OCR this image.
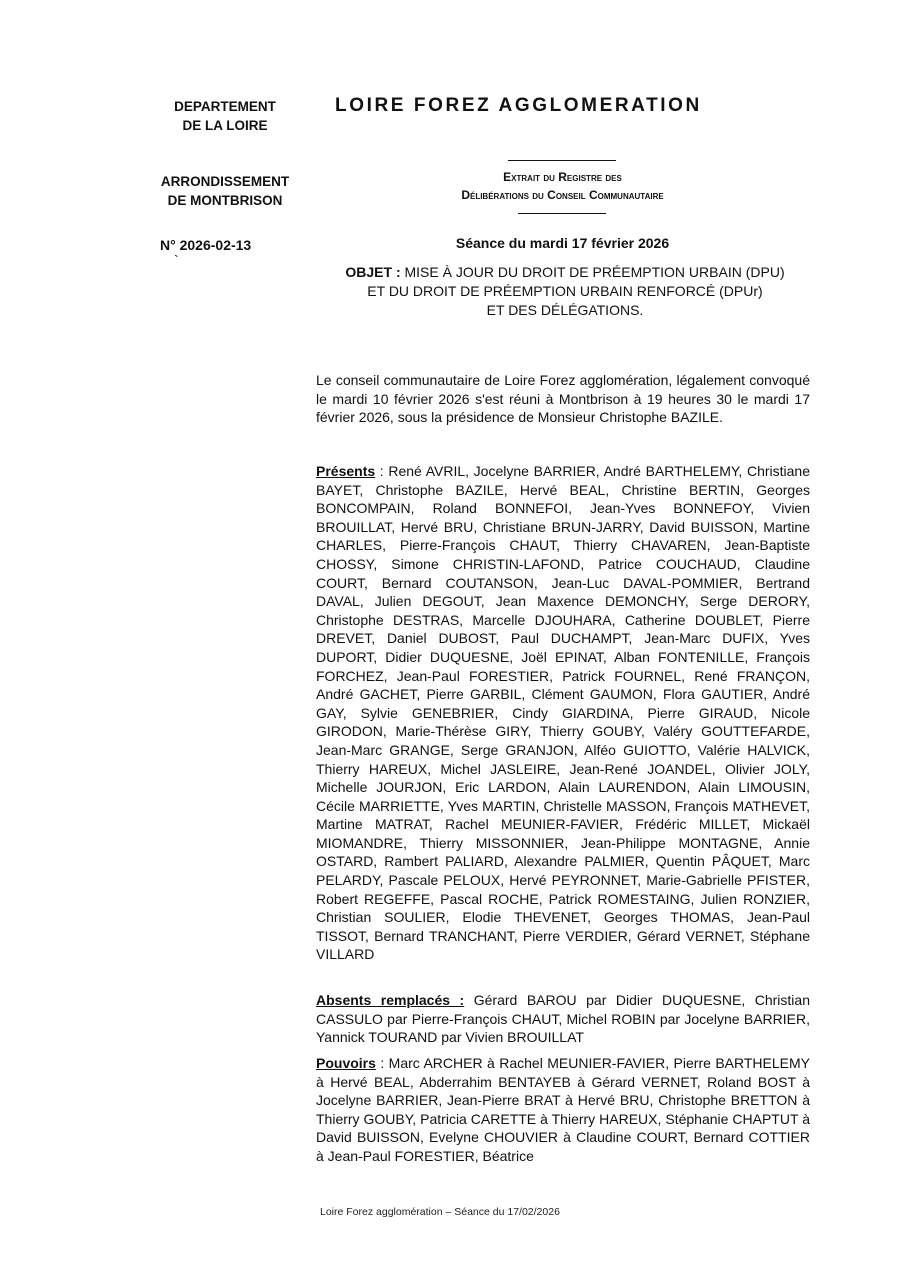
DEPARTEMENT
DE LA LOIRE
ARRONDISSEMENT
DE MONTBRISON
N° 2026-02-13
`
LOIRE FOREZ AGGLOMERATION
Extrait du Registre des
Délibérations du Conseil Communautaire
Séance du mardi 17 février 2026
OBJET : MISE À JOUR DU DROIT DE PRÉEMPTION URBAIN (DPU)
ET DU DROIT DE PRÉEMPTION URBAIN RENFORCÉ (DPUr)
ET DES DÉLÉGATIONS.
Le conseil communautaire de Loire Forez agglomération, légalement convoqué le mardi 10 février 2026 s'est réuni à Montbrison à 19 heures 30 le mardi 17 février 2026, sous la présidence de Monsieur Christophe BAZILE.
Présents : René AVRIL, Jocelyne BARRIER, André BARTHELEMY, Christiane BAYET, Christophe BAZILE, Hervé BEAL, Christine BERTIN, Georges BONCOMPAIN, Roland BONNEFOI, Jean-Yves BONNEFOY, Vivien BROUILLAT, Hervé BRU, Christiane BRUN-JARRY, David BUISSON, Martine CHARLES, Pierre-François CHAUT, Thierry CHAVAREN, Jean-Baptiste CHOSSY, Simone CHRISTIN-LAFOND, Patrice COUCHAUD, Claudine COURT, Bernard COUTANSON, Jean-Luc DAVAL-POMMIER, Bertrand DAVAL, Julien DEGOUT, Jean Maxence DEMONCHY, Serge DERORY, Christophe DESTRAS, Marcelle DJOUHARA, Catherine DOUBLET, Pierre DREVET, Daniel DUBOST, Paul DUCHAMPT, Jean-Marc DUFIX, Yves DUPORT, Didier DUQUESNE, Joël EPINAT, Alban FONTENILLE, François FORCHEZ, Jean-Paul FORESTIER, Patrick FOURNEL, René FRANÇON, André GACHET, Pierre GARBIL, Clément GAUMON, Flora GAUTIER, André GAY, Sylvie GENEBRIER, Cindy GIARDINA, Pierre GIRAUD, Nicole GIRODON, Marie-Thérèse GIRY, Thierry GOUBY, Valéry GOUTTEFARDE, Jean-Marc GRANGE, Serge GRANJON, Alféo GUIOTTO, Valérie HALVICK, Thierry HAREUX, Michel JASLEIRE, Jean-René JOANDEL, Olivier JOLY, Michelle JOURJON, Eric LARDON, Alain LAURENDON, Alain LIMOUSIN, Cécile MARRIETTE, Yves MARTIN, Christelle MASSON, François MATHEVET, Martine MATRAT, Rachel MEUNIER-FAVIER, Frédéric MILLET, Mickaël MIOMANDRE, Thierry MISSONNIER, Jean-Philippe MONTAGNE, Annie OSTARD, Rambert PALIARD, Alexandre PALMIER, Quentin PÂQUET, Marc PELARDY, Pascale PELOUX, Hervé PEYRONNET, Marie-Gabrielle PFISTER, Robert REGEFFE, Pascal ROCHE, Patrick ROMESTAING, Julien RONZIER, Christian SOULIER, Elodie THEVENET, Georges THOMAS, Jean-Paul TISSOT, Bernard TRANCHANT, Pierre VERDIER, Gérard VERNET, Stéphane VILLARD
Absents remplacés : Gérard BAROU par Didier DUQUESNE, Christian CASSULO par Pierre-François CHAUT, Michel ROBIN par Jocelyne BARRIER, Yannick TOURAND par Vivien BROUILLAT
Pouvoirs : Marc ARCHER à Rachel MEUNIER-FAVIER, Pierre BARTHELEMY à Hervé BEAL, Abderrahim BENTAYEB à Gérard VERNET, Roland BOST à Jocelyne BARRIER, Jean-Pierre BRAT à Hervé BRU, Christophe BRETTON à Thierry GOUBY, Patricia CARETTE à Thierry HAREUX, Stéphanie CHAPTUT à David BUISSON, Evelyne CHOUVIER à Claudine COURT, Bernard COTTIER à Jean-Paul FORESTIER, Béatrice
Loire Forez agglomération – Séance du 17/02/2026
